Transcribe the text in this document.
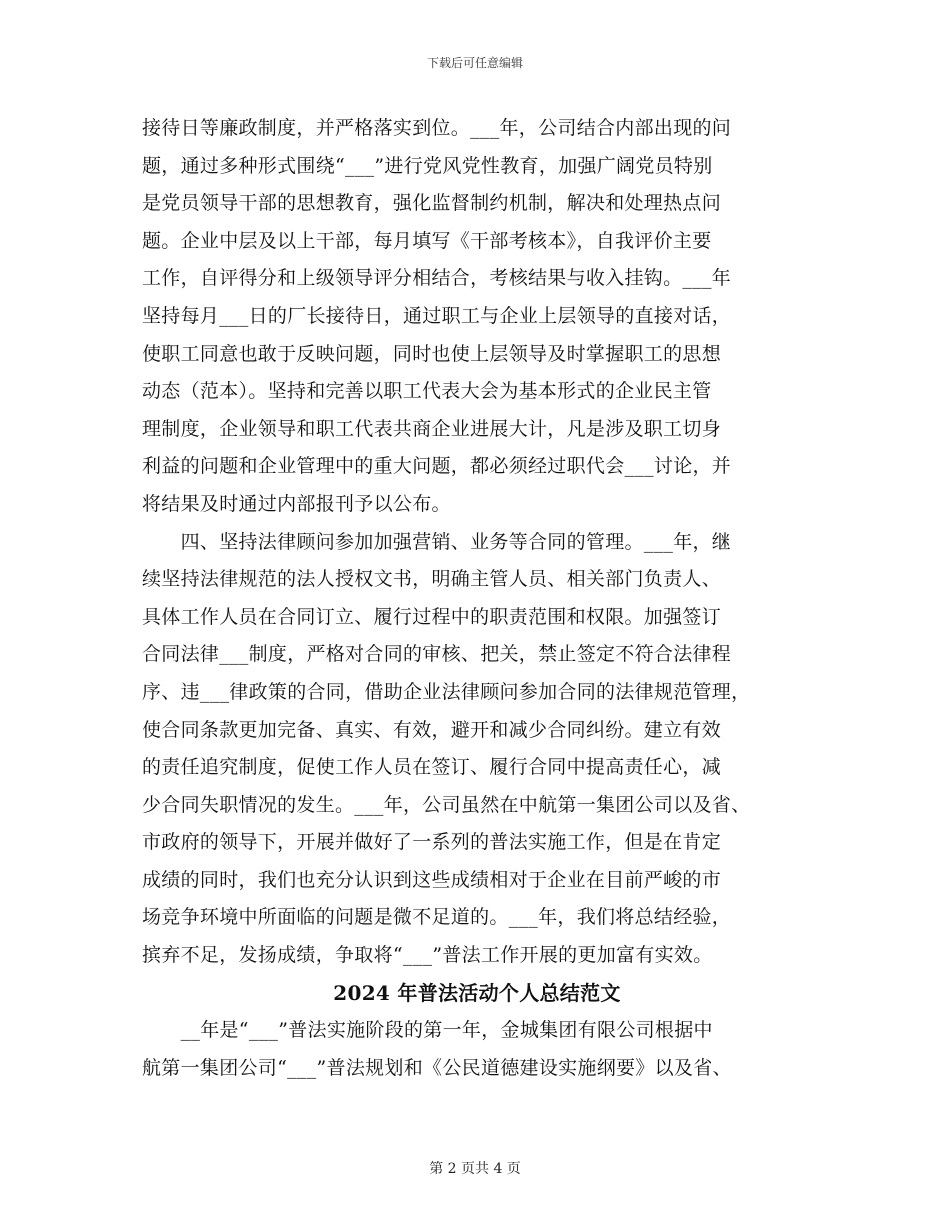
下载后可任意编辑
接待日等廉政制度，并严格落实到位。___年，公司结合内部出现的问
题，通过多种形式围绕“___”进行党风党性教育，加强广阔党员特别
是党员领导干部的思想教育，强化监督制约机制，解决和处理热点问
题。企业中层及以上干部，每月填写《干部考核本》，自我评价主要
工作，自评得分和上级领导评分相结合，考核结果与收入挂钩。___年
坚持每月___日的厂长接待日，通过职工与企业上层领导的直接对话，
使职工同意也敢于反映问题，同时也使上层领导及时掌握职工的思想
动态（范本）。坚持和完善以职工代表大会为基本形式的企业民主管
理制度，企业领导和职工代表共商企业进展大计，凡是涉及职工切身
利益的问题和企业管理中的重大问题，都必须经过职代会___讨论，并
将结果及时通过内部报刊予以公布。
　　四、坚持法律顾问参加加强营销、业务等合同的管理。___年，继
续坚持法律规范的法人授权文书，明确主管人员、相关部门负责人、
具体工作人员在合同订立、履行过程中的职责范围和权限。加强签订
合同法律___制度，严格对合同的审核、把关，禁止签定不符合法律程
序、违___律政策的合同，借助企业法律顾问参加合同的法律规范管理，
使合同条款更加完备、真实、有效，避开和减少合同纠纷。建立有效
的责任追究制度，促使工作人员在签订、履行合同中提高责任心，减
少合同失职情况的发生。___年，公司虽然在中航第一集团公司以及省、
市政府的领导下，开展并做好了一系列的普法实施工作，但是在肯定
成绩的同时，我们也充分认识到这些成绩相对于企业在目前严峻的市
场竞争环境中所面临的问题是微不足道的。___年，我们将总结经验，
摈弃不足，发扬成绩，争取将“___”普法工作开展的更加富有实效。
2024 年普法活动个人总结范文
　　__年是“___”普法实施阶段的第一年，金城集团有限公司根据中
航第一集团公司“___”普法规划和《公民道德建设实施纲要》以及省、
第 2 页共 4 页
